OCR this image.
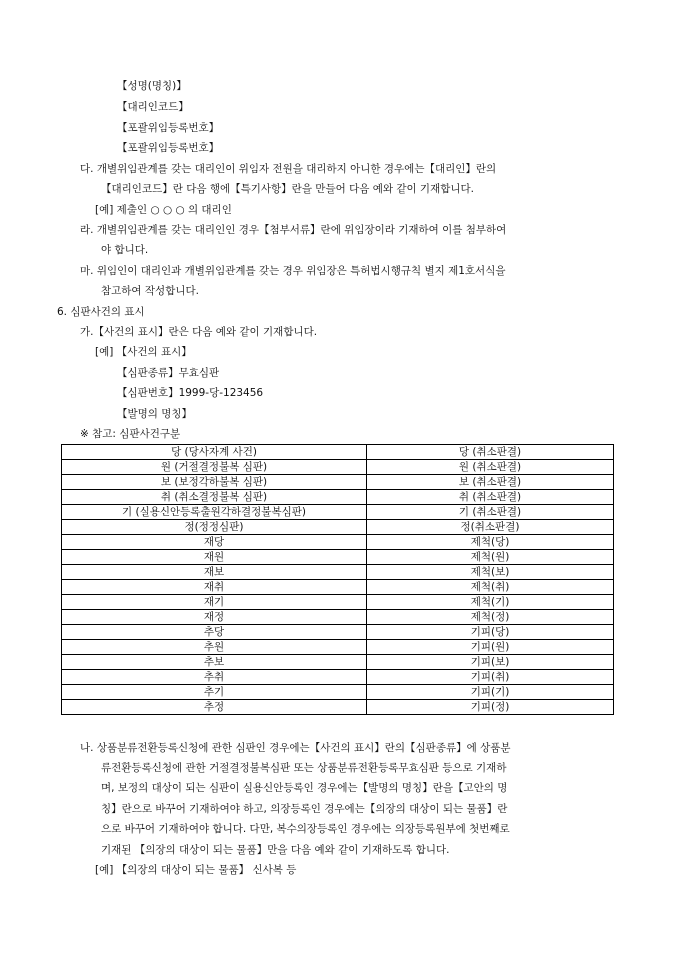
【성명(명칭)】
【대리인코드】
【포괄위임등록번호】
【포괄위임등록번호】
다. 개별위임관계를 갖는 대리인이 위임자 전원을 대리하지 아니한 경우에는【대리인】란의
【대리인코드】란 다음 행에【특기사항】란을 만들어 다음 예와 같이 기재합니다.
[예] 제출인 ○ ○ ○ 의 대리인
라. 개별위임관계를 갖는 대리인인 경우【첨부서류】란에 위임장이라 기재하여 이를 첨부하여
야 합니다.
마. 위임인이 대리인과 개별위임관계를 갖는 경우 위임장은 특허법시행규칙 별지 제1호서식을
참고하여 작성합니다.
6. 심판사건의 표시
가.【사건의 표시】란은 다음 예와 같이 기재합니다.
[예] 【사건의 표시】
【심판종류】무효심판
【심판번호】1999-당-123456
【발명의 명칭】
※ 참고: 심판사건구분
당 (당사자계 사건)	당 (취소판결)
원 (거절결정불복 심판)	원 (취소판결)
보 (보정각하불복 심판)	보 (취소판결)
취 (취소결정불복 심판)	취 (취소판결)
기 (실용신안등록출원각하결정불복심판)	기 (취소판결)
정(정정심판)	정(취소판결)
재당	제척(당)
재원	제척(원)
재보	제척(보)
재취	제척(취)
재기	제척(기)
재정	제척(정)
추당	기피(당)
추원	기피(원)
추보	기피(보)
추취	기피(취)
추기	기피(기)
추정	기피(정)
나. 상품분류전환등록신청에 관한 심판인 경우에는【사건의 표시】란의【심판종류】에 상품분
류전환등록신청에 관한 거절결정불복심판 또는 상품분류전환등록무효심판 등으로 기재하
며, 보정의 대상이 되는 심판이 실용신안등록인 경우에는【발명의 명칭】란을【고안의 명
칭】란으로 바꾸어 기재하여야 하고, 의장등록인 경우에는【의장의 대상이 되는 물품】란
으로 바꾸어 기재하여야 합니다. 다만, 복수의장등록인 경우에는 의장등록원부에 첫번째로
기재된 【의장의 대상이 되는 물품】만을 다음 예와 같이 기재하도록 합니다.
[예] 【의장의 대상이 되는 물품】 신사복 등
